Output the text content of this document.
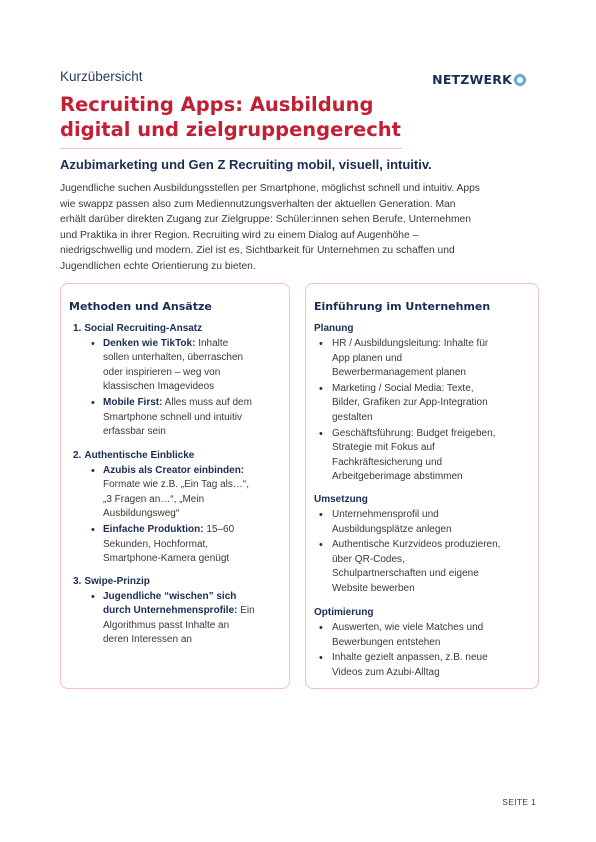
Kurzübersicht	NETZWERK
Recruiting Apps: Ausbildung
digital und zielgruppengerecht
Azubimarketing und Gen Z Recruiting mobil, visuell, intuitiv.
Jugendliche suchen Ausbildungsstellen per Smartphone, möglichst schnell und intuitiv. Apps
wie swappz passen also zum Mediennutzungsverhalten der aktuellen Generation. Man
erhält darüber direkten Zugang zur Zielgruppe: Schüler:innen sehen Berufe, Unternehmen
und Praktika in ihrer Region. Recruiting wird zu einem Dialog auf Augenhöhe –
niedrigschwellig und modern. Ziel ist es, Sichtbarkeit für Unternehmen zu schaffen und
Jugendlichen echte Orientierung zu bieten.
Methoden und Ansätze
1. Social Recruiting-Ansatz
• Denken wie TikTok: Inhalte
sollen unterhalten, überraschen
oder inspirieren – weg von
klassischen Imagevideos
• Mobile First: Alles muss auf dem
Smartphone schnell und intuitiv
erfassbar sein
2. Authentische Einblicke
• Azubis als Creator einbinden:
Formate wie z.B. „Ein Tag als…“,
„3 Fragen an…“, „Mein
Ausbildungsweg“
• Einfache Produktion: 15–60
Sekunden, Hochformat,
Smartphone-Kamera genügt
3. Swipe-Prinzip
• Jugendliche “wischen” sich
durch Unternehmensprofile: Ein
Algorithmus passt Inhalte an
deren Interessen an
Einführung im Unternehmen
Planung
• HR / Ausbildungsleitung: Inhalte für
App planen und
Bewerbermanagement planen
• Marketing / Social Media: Texte,
Bilder, Grafiken zur App-Integration
gestalten
• Geschäftsführung: Budget freigeben,
Strategie mit Fokus auf
Fachkräftesicherung und
Arbeitgeberimage abstimmen
Umsetzung
• Unternehmensprofil und
Ausbildungsplätze anlegen
• Authentische Kurzvideos produzieren,
über QR-Codes,
Schulpartnerschaften und eigene
Website bewerben
Optimierung
• Auswerten, wie viele Matches und
Bewerbungen entstehen
• Inhalte gezielt anpassen, z.B. neue
Videos zum Azubi-Alltag
SEITE 1
